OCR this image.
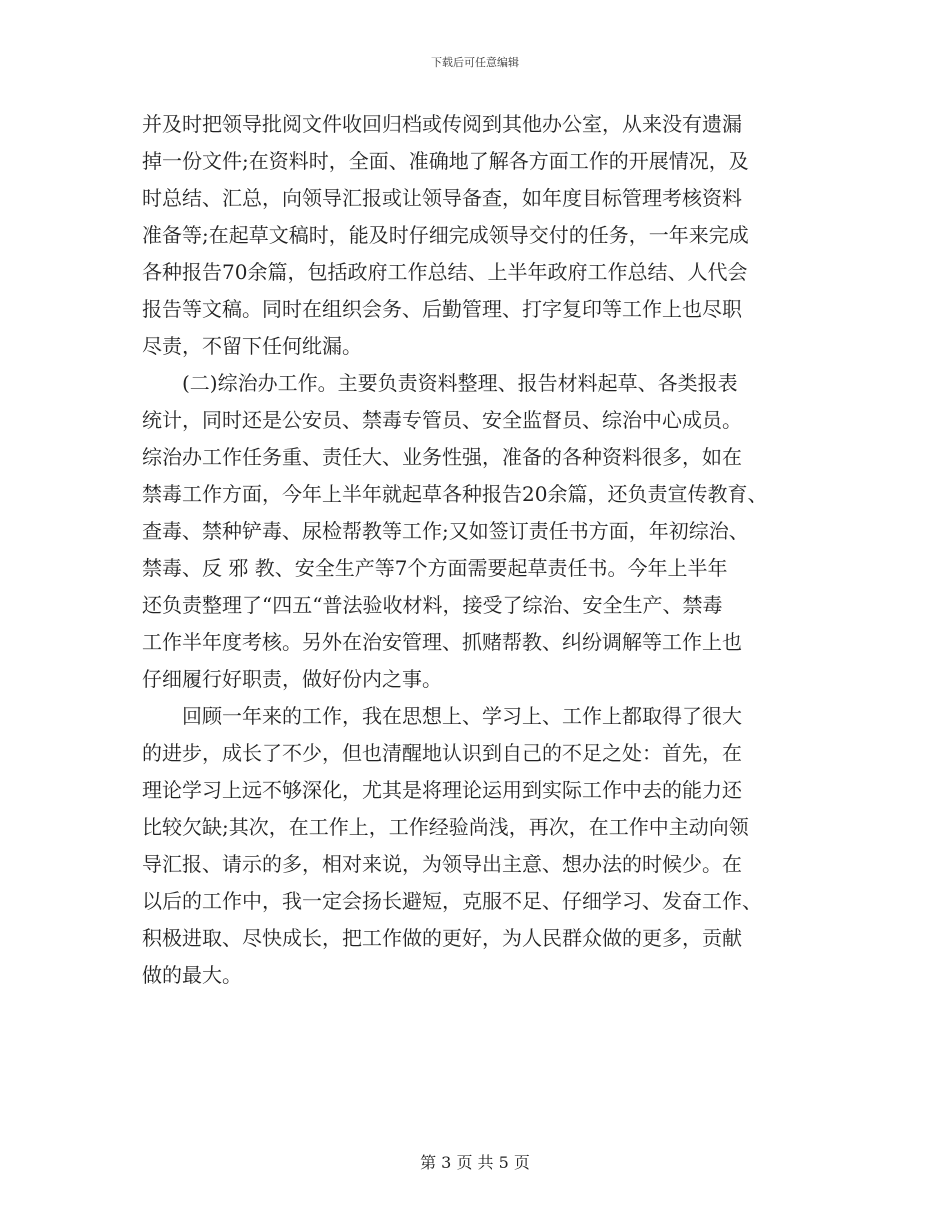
下载后可任意编辑
并及时把领导批阅文件收回归档或传阅到其他办公室，从来没有遗漏
掉一份文件;在资料时，全面、准确地了解各方面工作的开展情况，及
时总结、汇总，向领导汇报或让领导备查，如年度目标管理考核资料
准备等;在起草文稿时，能及时仔细完成领导交付的任务，一年来完成
各种报告70余篇，包括政府工作总结、上半年政府工作总结、人代会
报告等文稿。同时在组织会务、后勤管理、打字复印等工作上也尽职
尽责，不留下任何纰漏。
　　(二)综治办工作。主要负责资料整理、报告材料起草、各类报表
统计，同时还是公安员、禁毒专管员、安全监督员、综治中心成员。
综治办工作任务重、责任大、业务性强，准备的各种资料很多，如在
禁毒工作方面，今年上半年就起草各种报告20余篇，还负责宣传教育、
查毒、禁种铲毒、尿检帮教等工作;又如签订责任书方面，年初综治、
禁毒、反 邪 教、安全生产等7个方面需要起草责任书。今年上半年
还负责整理了“四五“普法验收材料，接受了综治、安全生产、禁毒
工作半年度考核。另外在治安管理、抓赌帮教、纠纷调解等工作上也
仔细履行好职责，做好份内之事。
　　回顾一年来的工作，我在思想上、学习上、工作上都取得了很大
的进步，成长了不少，但也清醒地认识到自己的不足之处：首先，在
理论学习上远不够深化，尤其是将理论运用到实际工作中去的能力还
比较欠缺;其次，在工作上，工作经验尚浅，再次，在工作中主动向领
导汇报、请示的多，相对来说，为领导出主意、想办法的时候少。在
以后的工作中，我一定会扬长避短，克服不足、仔细学习、发奋工作、
积极进取、尽快成长，把工作做的更好，为人民群众做的更多，贡献
做的最大。
第 3 页 共 5 页
